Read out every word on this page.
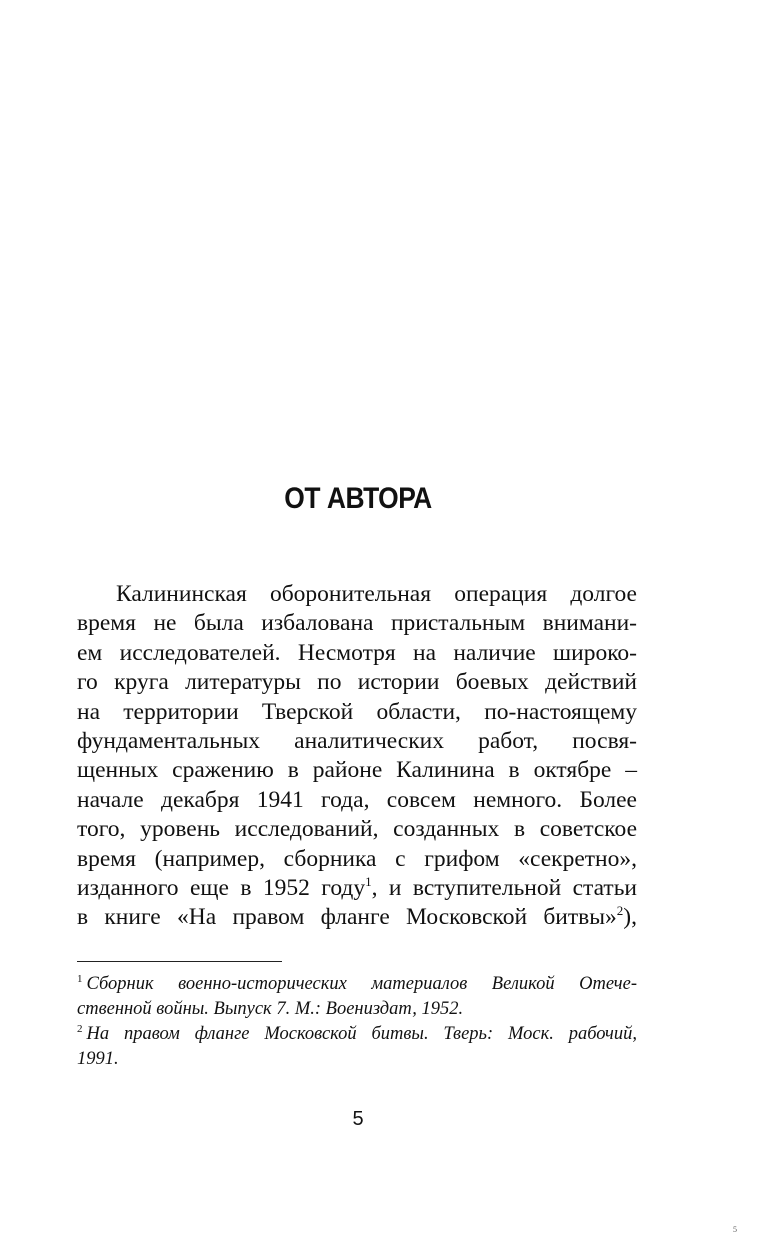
ОТ АВТОРА
Калининская оборонительная операция долгое
время не была избалована пристальным внимани-
ем исследователей. Несмотря на наличие широко-
го круга литературы по истории боевых действий
на территории Тверской области, по-настоящему
фундаментальных аналитических работ, посвя-
щенных сражению в районе Калинина в октябре –
начале декабря 1941 года, совсем немного. Более
того, уровень исследований, созданных в советское
время (например, сборника с грифом «секретно»,
изданного еще в 1952 году$^1$, и вступительной статьи
в книге «На правом фланге Московской битвы»$^2$),
$^1$ Сборник военно-исторических материалов Великой Отече-
ственной войны. Выпуск 7. М.: Воениздат, 1952.
$^2$ На правом фланге Московской битвы. Тверь: Моск. рабочий,
1991.
5
5
